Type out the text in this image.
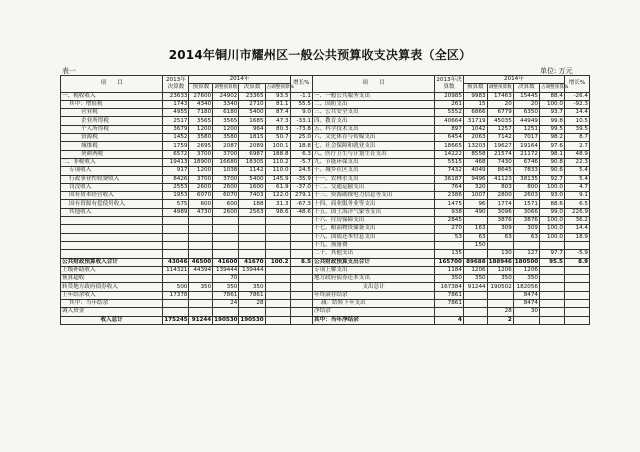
2014年铜川市耀州区一般公共预算收支决算表（全区）
表一	单位: 万元
项　　目	2013年决算数	2014年				增长%	项　　目	2013年决算数	2014年				增长%
		预算数	调整预算数	决算数	占调整预算%				预算数	调整预算数	决算数	占调整预算%	
一、税收收入	23633	27600	24902	23365	93.5	-1.1	一、一般公共服务支出	20985	9983	17463	15445	88.4	-26.4
其中：增值税	1743	4340	3340	2710	81.1	55.5	二、国防支出	261	15	20	20	100.0	-92.3
营业税	4955	7180	6180	5400	87.4	9.0	三、公共安全支出	5552	6866	6779	6350	93.7	14.4
企业所得税	2517	3565	3565	1685	47.3	-33.1	四、教育支出	40664	31719	45035	44949	99.8	10.5
个人所得税	3679	1200	1200	964	80.3	-73.8	五、科学技术支出	897	1042	1257	1251	99.5	39.5
资源税	1452	3580	3580	1815	50.7	25.0	六、文化体育与传媒支出	6454	2063	7142	7017	98.2	8.7
城维税	1759	2695	2087	2089	100.1	18.8	七、社会保障和就业支出	18665	13203	19627	19164	97.6	2.7
契耕两税	6572	3700	3700	6987	188.8	6.3	八、医疗卫生与计划生育支出	14222	8558	21574	21172	98.1	48.9
二、非税收入	19413	18900	16680	18305	110.2	-5.7	九、节能环保支出	5515	468	7430	6746	90.8	22.3
专项收入	917	1200	1038	1142	110.0	24.5	十、城乡社区支出	7432	4049	8645	7833	90.6	5.4
行政事业性收费收入	8426	3700	3700	5400	145.9	-35.9	十一、农林水支出	36187	9496	41123	38135	92.7	5.4
罚没收入	2553	2600	2600	1600	61.9	-37.0	十二、交通运输支出	764	320	803	800	100.0	4.7
国有资本经营收入	1953	6070	6070	7403	122.0	279.1	十三、资源勘探电力信息等支出	2386	1007	2800	2603	93.0	9.1
国有资源有偿使用收入	575	600	600	188	31.3	-67.3	十四、商业服务业等支出	1475	96	1774	1571	88.6	6.5
其他收入	4989	4730	2600	2563	98.6	-48.6	十五、国土海洋气象等支出	938	490	3096	3066	99.0	226.9
							十六、住房保障支出	2845		3876	3876	100.0	36.2
							十七、粮油物资储备支出	270	163	309	309	100.0	14.4
							十八、国债还本付息支出	53	63	63	63	100.0	18.9
							十九、预备费		150				
							二十、其他支出	135		130	127	97.7	-5.9
公共财政预算收入合计	43046	46500	41600	41670	100.2	8.5	公共财政预算支出合计	165700	89688	188946	180500	95.5	8.9
上级补助收入	114321	44394	139444	139444			专项上解支出	1184	1206	1206	1206		
预算超收			70				地方政府债券还本支出	350	350	350	350		
转贷地方政府债券收入	500	350	350	350			支出总计	167384	91244	190502	182056		
上年结余收入	17378		7861	7861			年终滚存结余	7861			8474		
其中：当年结余			24	28			减：结转下年支出	7861			8474		
调入资金							净结余			28	30		
收入总计	175245	91244	190530	190530			其中：当年净结余	4		2			
